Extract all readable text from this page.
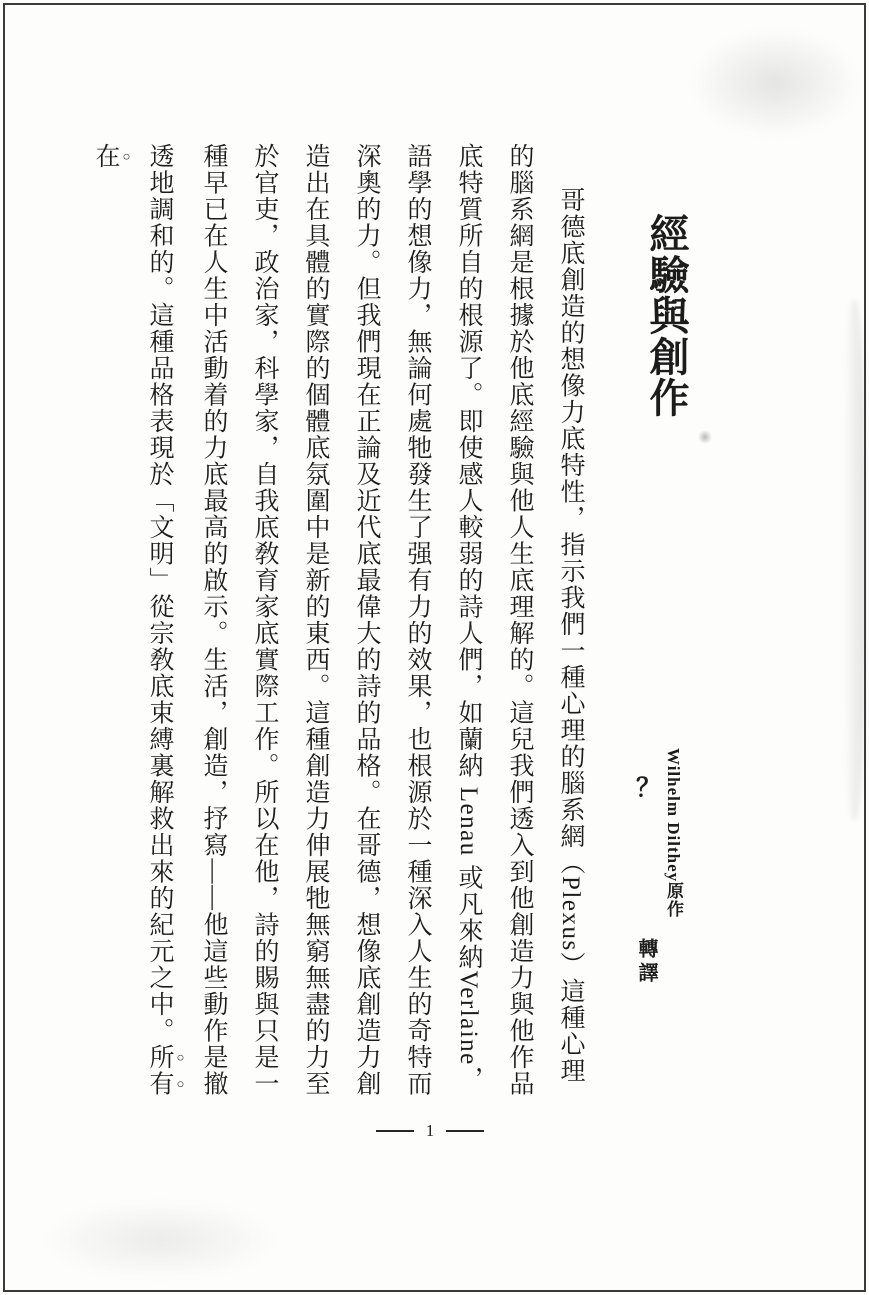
經驗與創作
Wilhelm Dilthey原作
？
轉譯
哥德底創造的想像力底特性，指示我們一種心理的腦系網（Plexus）這種心理
的腦系網是根據於他底經驗與他人生底理解的。這兒我們透入到他創造力與他作品
底特質所自的根源了。即使感人較弱的詩人們，如蘭納 Lenau 或凡來納Verlaine，
語學的想像力，無論何處牠發生了强有力的效果，也根源於一種深入人生的奇特而
深奧的力。但我們現在正論及近代底最偉大的詩的品格。在哥德，想像底創造力創
造出在具體的實際的個體底氛圍中是新的東西。這種創造力伸展牠無窮無盡的力至
於官吏，政治家，科學家，自我底敎育家底實際工作。所以在他，詩的賜與只是一
種早已在人生中活動着的力底最高的啟示。生活，創造，抒寫——他這些動作是撤
透地調和的。這種品格表現於「文明」從宗敎底束縛裏解救出來的紀元之中。所有在
1
